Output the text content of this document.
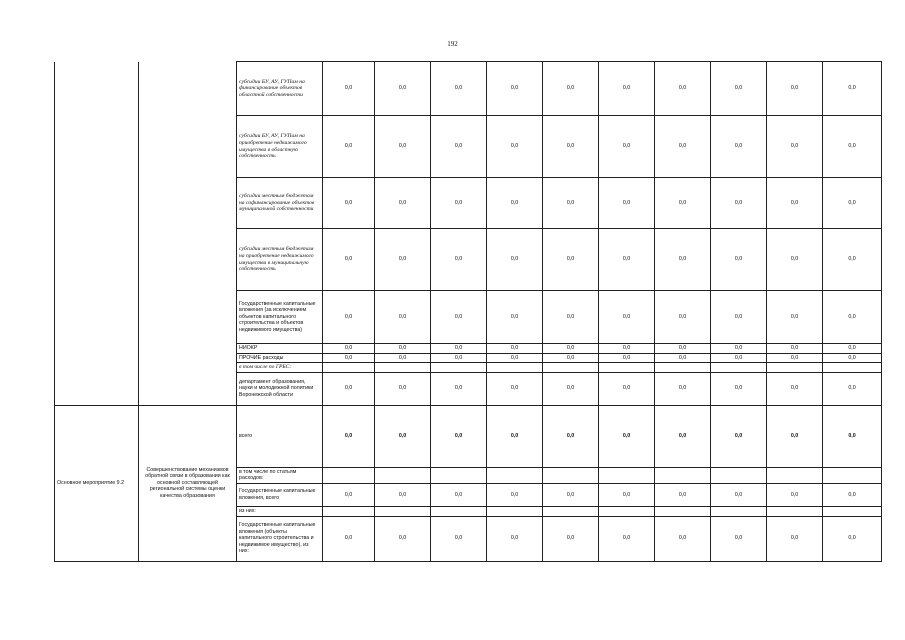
192
		субсидии БУ, АУ, ГУПам на финансирование объектов областной собственности	0,0	0,0	0,0	0,0	0,0	0,0	0,0	0,0	0,0	0,0
		субсидии БУ, АУ, ГУПам на приобретение недвижимого имущества в областную собственность	0,0	0,0	0,0	0,0	0,0	0,0	0,0	0,0	0,0	0,0
		субсидии местным бюджетам на софинансирование объектов муниципальной собственности	0,0	0,0	0,0	0,0	0,0	0,0	0,0	0,0	0,0	0,0
		субсидии местным бюджетам на приобретение недвижимого имущества в муниципальную собственность	0,0	0,0	0,0	0,0	0,0	0,0	0,0	0,0	0,0	0,0
		Государственные капитальные вложения (за исключением объектов капитального строительства и объектов недвижимого имущества)	0,0	0,0	0,0	0,0	0,0	0,0	0,0	0,0	0,0	0,0
		НИОКР	0,0	0,0	0,0	0,0	0,0	0,0	0,0	0,0	0,0	0,0
		ПРОЧИЕ расходы	0,0	0,0	0,0	0,0	0,0	0,0	0,0	0,0	0,0	0,0
		в том числе по ГРБС:										
		департамент образования, науки и молодежной политики Воронежской области	0,0	0,0	0,0	0,0	0,0	0,0	0,0	0,0	0,0	0,0
Основное мероприятие 9.2	Совершенствование механизмов обратной связи в образовании как основной составляющей региональной системы оценки качества образования	всего	0,0	0,0	0,0	0,0	0,0	0,0	0,0	0,0	0,0	0,0
		в том числе по статьям расходов:										
		Государственные капитальные вложения, всего	0,0	0,0	0,0	0,0	0,0	0,0	0,0	0,0	0,0	0,0
		из них:										
		Государственные капитальные вложения (объекты капитального строительства и недвижимое имущество), из них:	0,0	0,0	0,0	0,0	0,0	0,0	0,0	0,0	0,0	0,0
